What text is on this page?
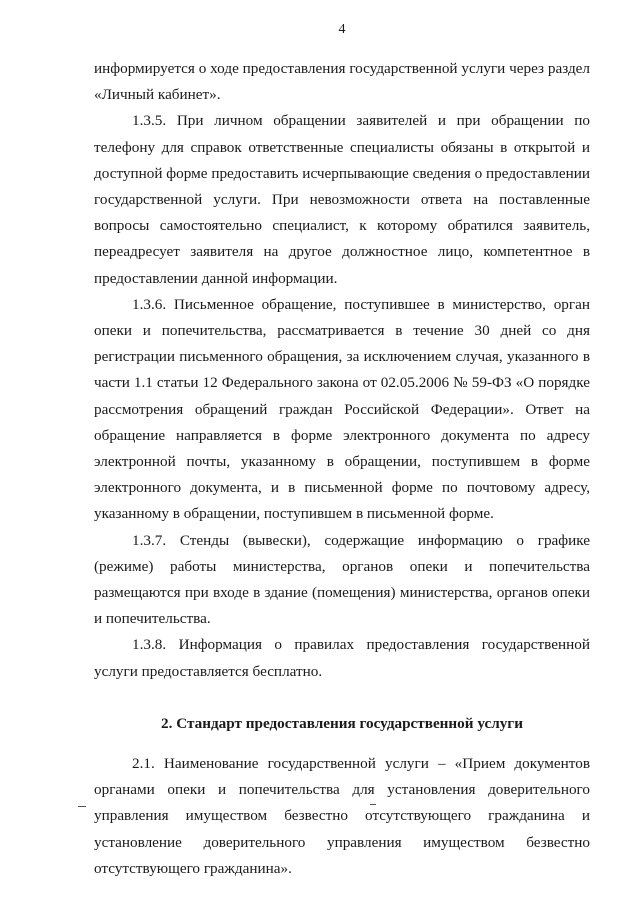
4

информируется о ходе предоставления государственной услуги через раздел «Личный кабинет».

1.3.5. При личном обращении заявителей и при обращении по телефону для справок ответственные специалисты обязаны в открытой и доступной форме предоставить исчерпывающие сведения о предоставлении государственной услуги. При невозможности ответа на поставленные вопросы самостоятельно специалист, к которому обратился заявитель, переадресует заявителя на другое должностное лицо, компетентное в предоставлении данной информации.

1.3.6. Письменное обращение, поступившее в министерство, орган опеки и попечительства, рассматривается в течение 30 дней со дня регистрации письменного обращения, за исключением случая, указанного в части 1.1 статьи 12 Федерального закона от 02.05.2006 № 59-ФЗ «О порядке рассмотрения обращений граждан Российской Федерации». Ответ на обращение направляется в форме электронного документа по адресу электронной почты, указанному в обращении, поступившем в форме электронного документа, и в письменной форме по почтовому адресу, указанному в обращении, поступившем в письменной форме.

1.3.7. Стенды (вывески), содержащие информацию о графике (режиме) работы министерства, органов опеки и попечительства размещаются при входе в здание (помещения) министерства, органов опеки и попечительства.

1.3.8. Информация о правилах предоставления государственной услуги предоставляется бесплатно.

2. Стандарт предоставления государственной услуги

2.1. Наименование государственной услуги – «Прием документов органами опеки и попечительства для установления доверительного управления имуществом безвестно отсутствующего гражданина и установление доверительного управления имуществом безвестно отсутствующего гражданина».
